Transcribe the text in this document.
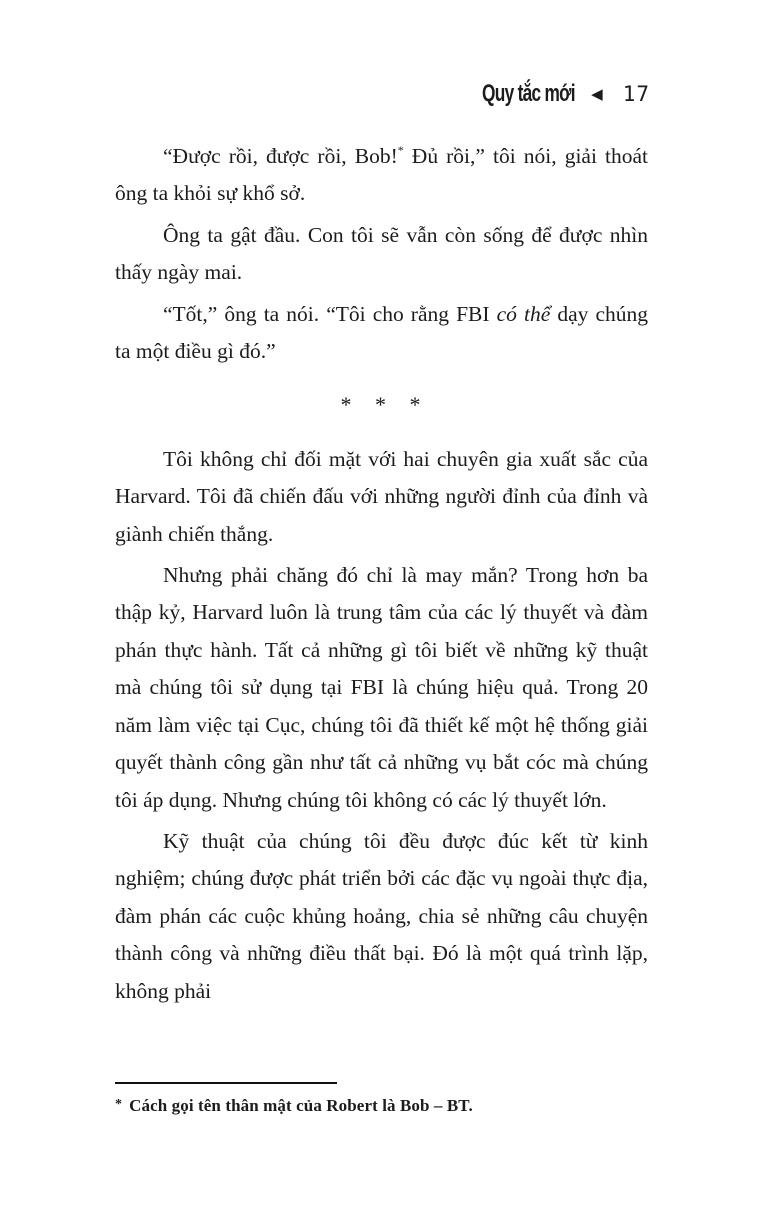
Quy tắc mới ◀ 17

“Được rồi, được rồi, Bob!* Đủ rồi,” tôi nói, giải thoát ông ta khỏi sự khổ sở.

Ông ta gật đầu. Con tôi sẽ vẫn còn sống để được nhìn thấy ngày mai.

“Tốt,” ông ta nói. “Tôi cho rằng FBI có thể dạy chúng ta một điều gì đó.”

* * *

Tôi không chỉ đối mặt với hai chuyên gia xuất sắc của Harvard. Tôi đã chiến đấu với những người đỉnh của đỉnh và giành chiến thắng.

Nhưng phải chăng đó chỉ là may mắn? Trong hơn ba thập kỷ, Harvard luôn là trung tâm của các lý thuyết và đàm phán thực hành. Tất cả những gì tôi biết về những kỹ thuật mà chúng tôi sử dụng tại FBI là chúng hiệu quả. Trong 20 năm làm việc tại Cục, chúng tôi đã thiết kế một hệ thống giải quyết thành công gần như tất cả những vụ bắt cóc mà chúng tôi áp dụng. Nhưng chúng tôi không có các lý thuyết lớn.

Kỹ thuật của chúng tôi đều được đúc kết từ kinh nghiệm; chúng được phát triển bởi các đặc vụ ngoài thực địa, đàm phán các cuộc khủng hoảng, chia sẻ những câu chuyện thành công và những điều thất bại. Đó là một quá trình lặp, không phải

* Cách gọi tên thân mật của Robert là Bob – BT.
